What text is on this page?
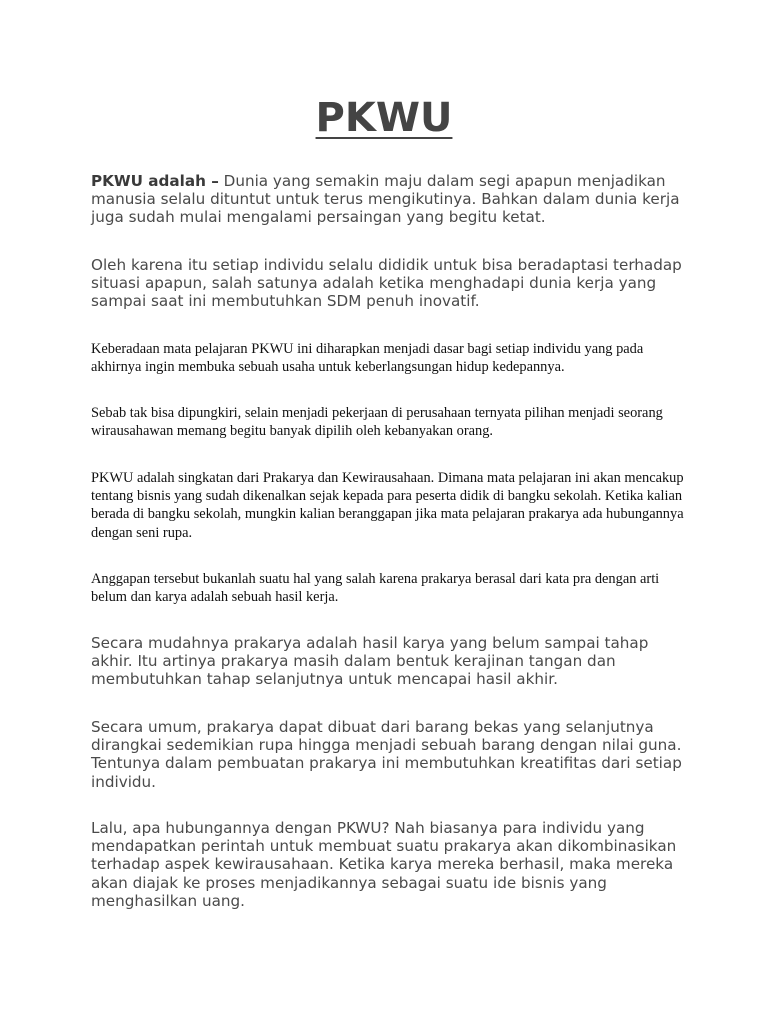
PKWU

PKWU adalah – Dunia yang semakin maju dalam segi apapun menjadikan manusia selalu dituntut untuk terus mengikutinya. Bahkan dalam dunia kerja juga sudah mulai mengalami persaingan yang begitu ketat.

Oleh karena itu setiap individu selalu dididik untuk bisa beradaptasi terhadap situasi apapun, salah satunya adalah ketika menghadapi dunia kerja yang sampai saat ini membutuhkan SDM penuh inovatif.

Keberadaan mata pelajaran PKWU ini diharapkan menjadi dasar bagi setiap individu yang pada akhirnya ingin membuka sebuah usaha untuk keberlangsungan hidup kedepannya.

Sebab tak bisa dipungkiri, selain menjadi pekerjaan di perusahaan ternyata pilihan menjadi seorang wirausahawan memang begitu banyak dipilih oleh kebanyakan orang.

PKWU adalah singkatan dari Prakarya dan Kewirausahaan. Dimana mata pelajaran ini akan mencakup tentang bisnis yang sudah dikenalkan sejak kepada para peserta didik di bangku sekolah. Ketika kalian berada di bangku sekolah, mungkin kalian beranggapan jika mata pelajaran prakarya ada hubungannya dengan seni rupa.

Anggapan tersebut bukanlah suatu hal yang salah karena prakarya berasal dari kata pra dengan arti belum dan karya adalah sebuah hasil kerja.

Secara mudahnya prakarya adalah hasil karya yang belum sampai tahap akhir. Itu artinya prakarya masih dalam bentuk kerajinan tangan dan membutuhkan tahap selanjutnya untuk mencapai hasil akhir.

Secara umum, prakarya dapat dibuat dari barang bekas yang selanjutnya dirangkai sedemikian rupa hingga menjadi sebuah barang dengan nilai guna. Tentunya dalam pembuatan prakarya ini membutuhkan kreatifitas dari setiap individu.

Lalu, apa hubungannya dengan PKWU? Nah biasanya para individu yang mendapatkan perintah untuk membuat suatu prakarya akan dikombinasikan terhadap aspek kewirausahaan. Ketika karya mereka berhasil, maka mereka akan diajak ke proses menjadikannya sebagai suatu ide bisnis yang menghasilkan uang.
